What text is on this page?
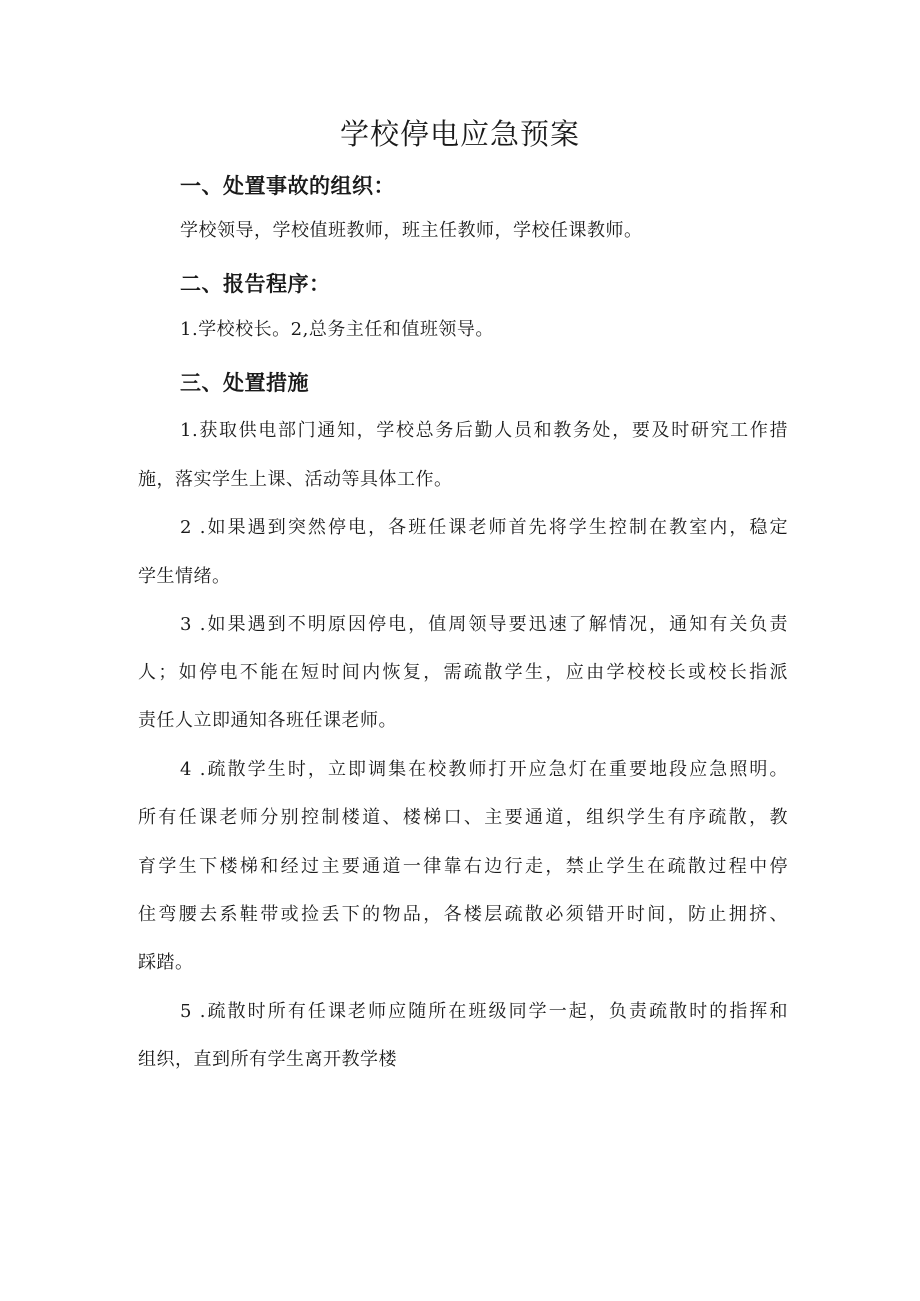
学校停电应急预案
一、处置事故的组织：

学校领导，学校值班教师，班主任教师，学校任课教师。

二、报告程序：

1.学校校长。2,总务主任和值班领导。

三、处置措施

1.获取供电部门通知，学校总务后勤人员和教务处，要及时研究工作措

施，落实学生上课、活动等具体工作。

2 .如果遇到突然停电，各班任课老师首先将学生控制在教室内，稳定

学生情绪。

3 .如果遇到不明原因停电，值周领导要迅速了解情况，通知有关负责

人；如停电不能在短时间内恢复，需疏散学生，应由学校校长或校长指派

责任人立即通知各班任课老师。

4 .疏散学生时，立即调集在校教师打开应急灯在重要地段应急照明。

所有任课老师分别控制楼道、楼梯口、主要通道，组织学生有序疏散，教

育学生下楼梯和经过主要通道一律靠右边行走，禁止学生在疏散过程中停

住弯腰去系鞋带或捡丢下的物品，各楼层疏散必须错开时间，防止拥挤、

踩踏。

5 .疏散时所有任课老师应随所在班级同学一起，负责疏散时的指挥和

组织，直到所有学生离开教学楼
